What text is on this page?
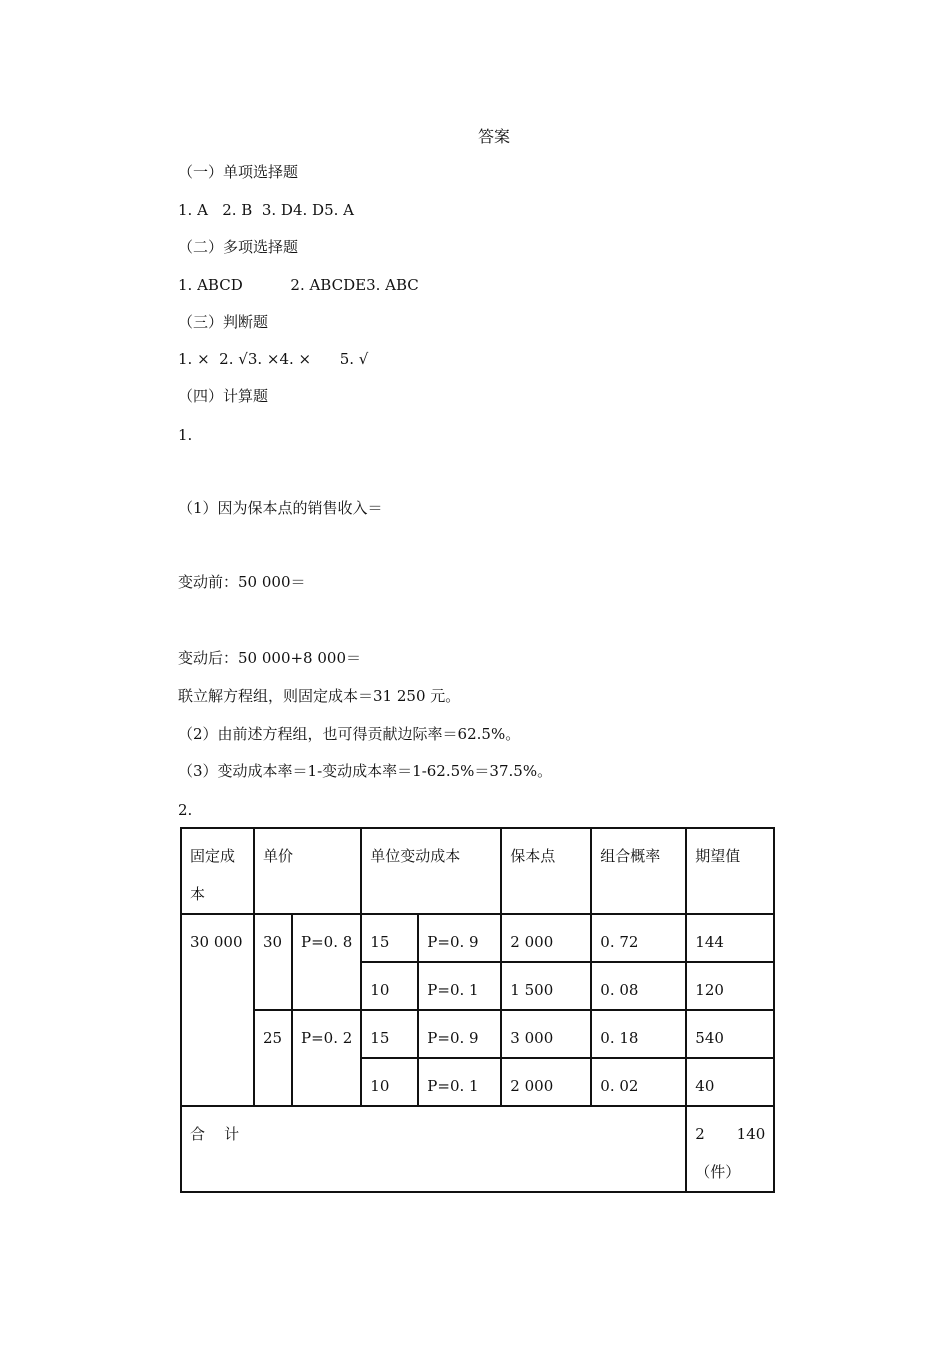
答案
（一）单项选择题
1. A   2. B  3. D4. D5. A
（二）多项选择题
1. ABCD          2. ABCDE3. ABC
（三）判断题
1. ×  2. √3. ×4. ×      5. √
（四）计算题
1.
（1）因为保本点的销售收入＝
变动前：50 000＝
变动后：50 000+8 000＝
联立解方程组，则固定成本＝31 250 元。
（2）由前述方程组，也可得贡献边际率＝62.5%。
（3）变动成本率＝1-变动成本率＝1-62.5%＝37.5%。
2.
固定成本	单价		单位变动成本		保本点	组合概率	期望值
30 000	30	P=0. 8	15	P=0. 9	2 000	0. 72	144
			10	P=0. 1	1 500	0. 08	120
	25	P=0. 2	15	P=0. 9	3 000	0. 18	540
			10	P=0. 1	2 000	0. 02	40
合    计							2 140
（件）
